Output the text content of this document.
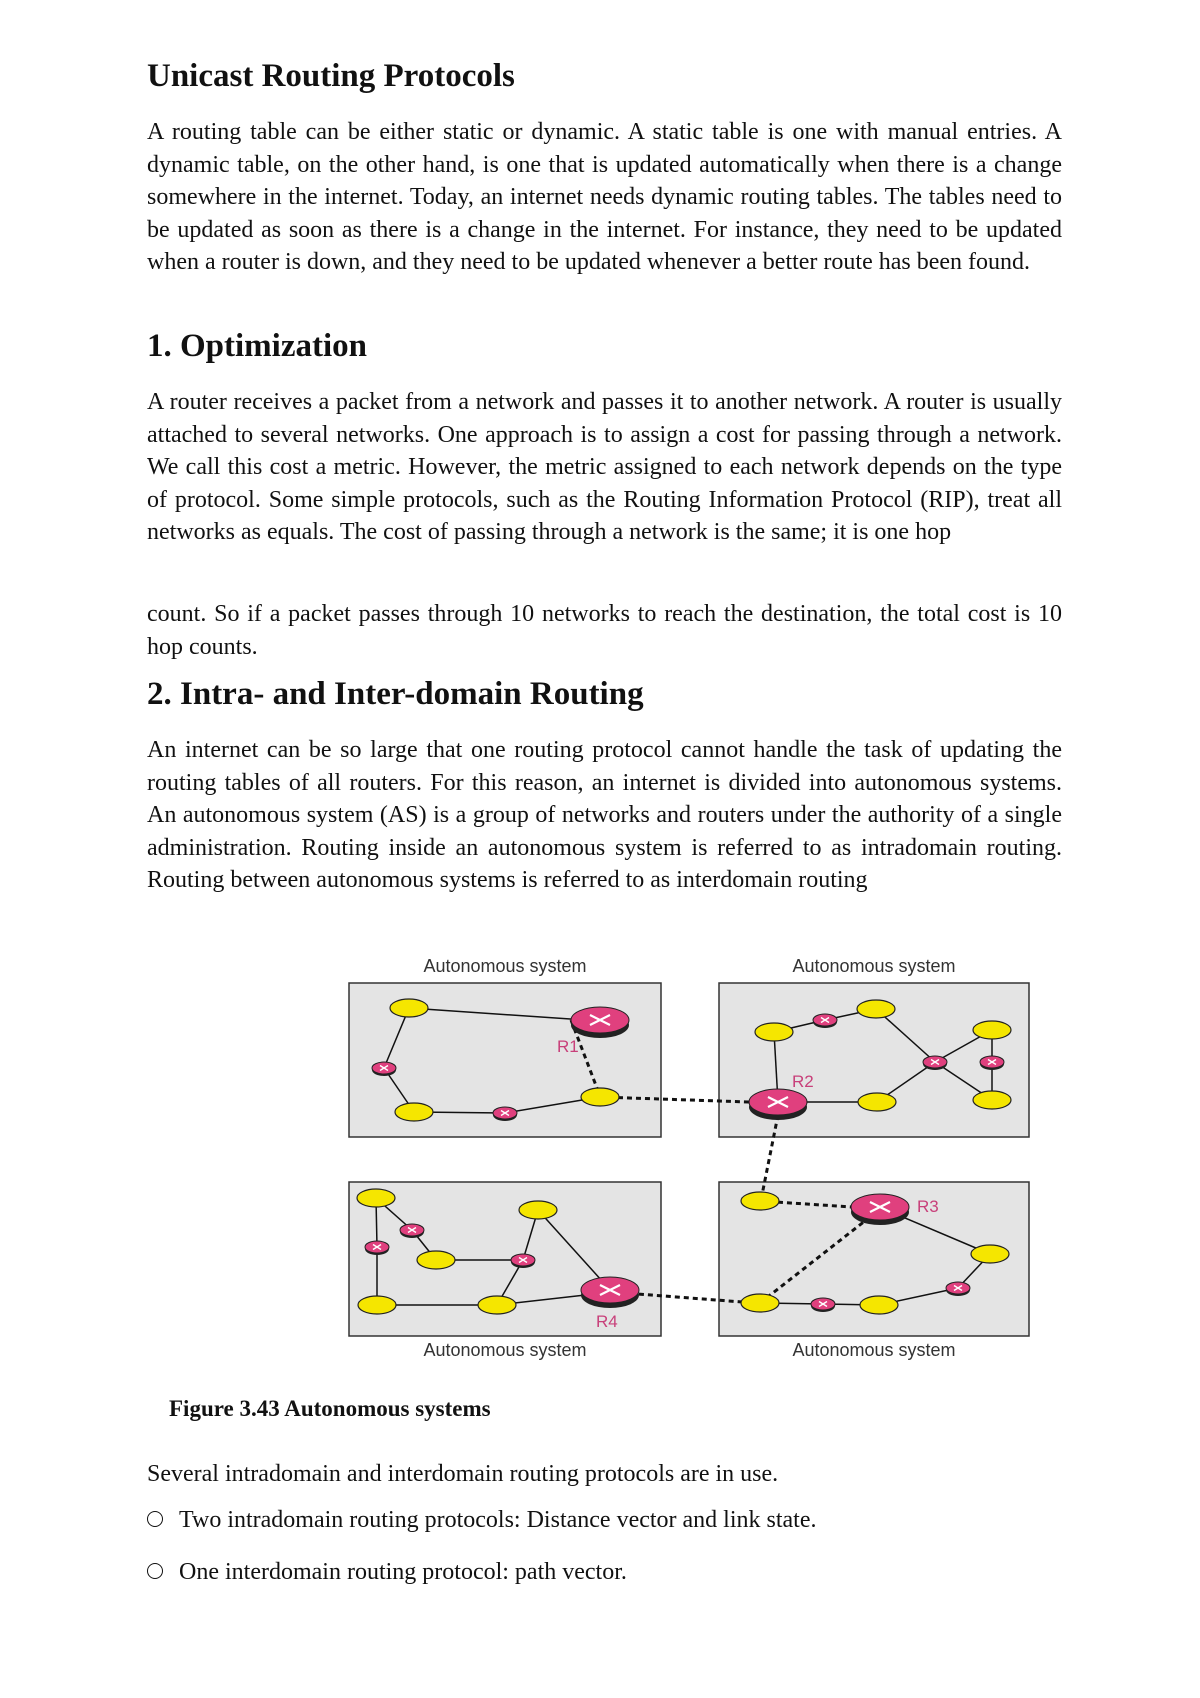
Unicast Routing Protocols

A routing table can be either static or dynamic. A static table is one with manual entries. A dynamic table, on the other hand, is one that is updated automatically when there is a change somewhere in the internet. Today, an internet needs dynamic routing tables. The tables need to be updated as soon as there is a change in the internet. For instance, they need to be updated when a router is down, and they need to be updated whenever a better route has been found.

1. Optimization

A router receives a packet from a network and passes it to another network. A router is usually attached to several networks. One approach is to assign a cost for passing through a network. We call this cost a metric. However, the metric assigned to each network depends on the type of protocol. Some simple protocols, such as the Routing Information Protocol (RIP), treat all networks as equals. The cost of passing through a network is the same; it is one hop

count. So if a packet passes through 10 networks to reach the destination, the total cost is 10 hop counts.

2. Intra- and Inter-domain Routing

An internet can be so large that one routing protocol cannot handle the task of updating the routing tables of all routers. For this reason, an internet is divided into autonomous systems. An autonomous system (AS) is a group of networks and routers under the authority of a single administration. Routing inside an autonomous system is referred to as intradomain routing. Routing between autonomous systems is referred to as interdomain routing

Figure 3.43 Autonomous systems

Several intradomain and interdomain routing protocols are in use.

Two intradomain routing protocols: Distance vector and link state.
One interdomain routing protocol: path vector.
Autonomous system	Autonomous system
Autonomous system	Autonomous system
R1
R2
R3
R4
